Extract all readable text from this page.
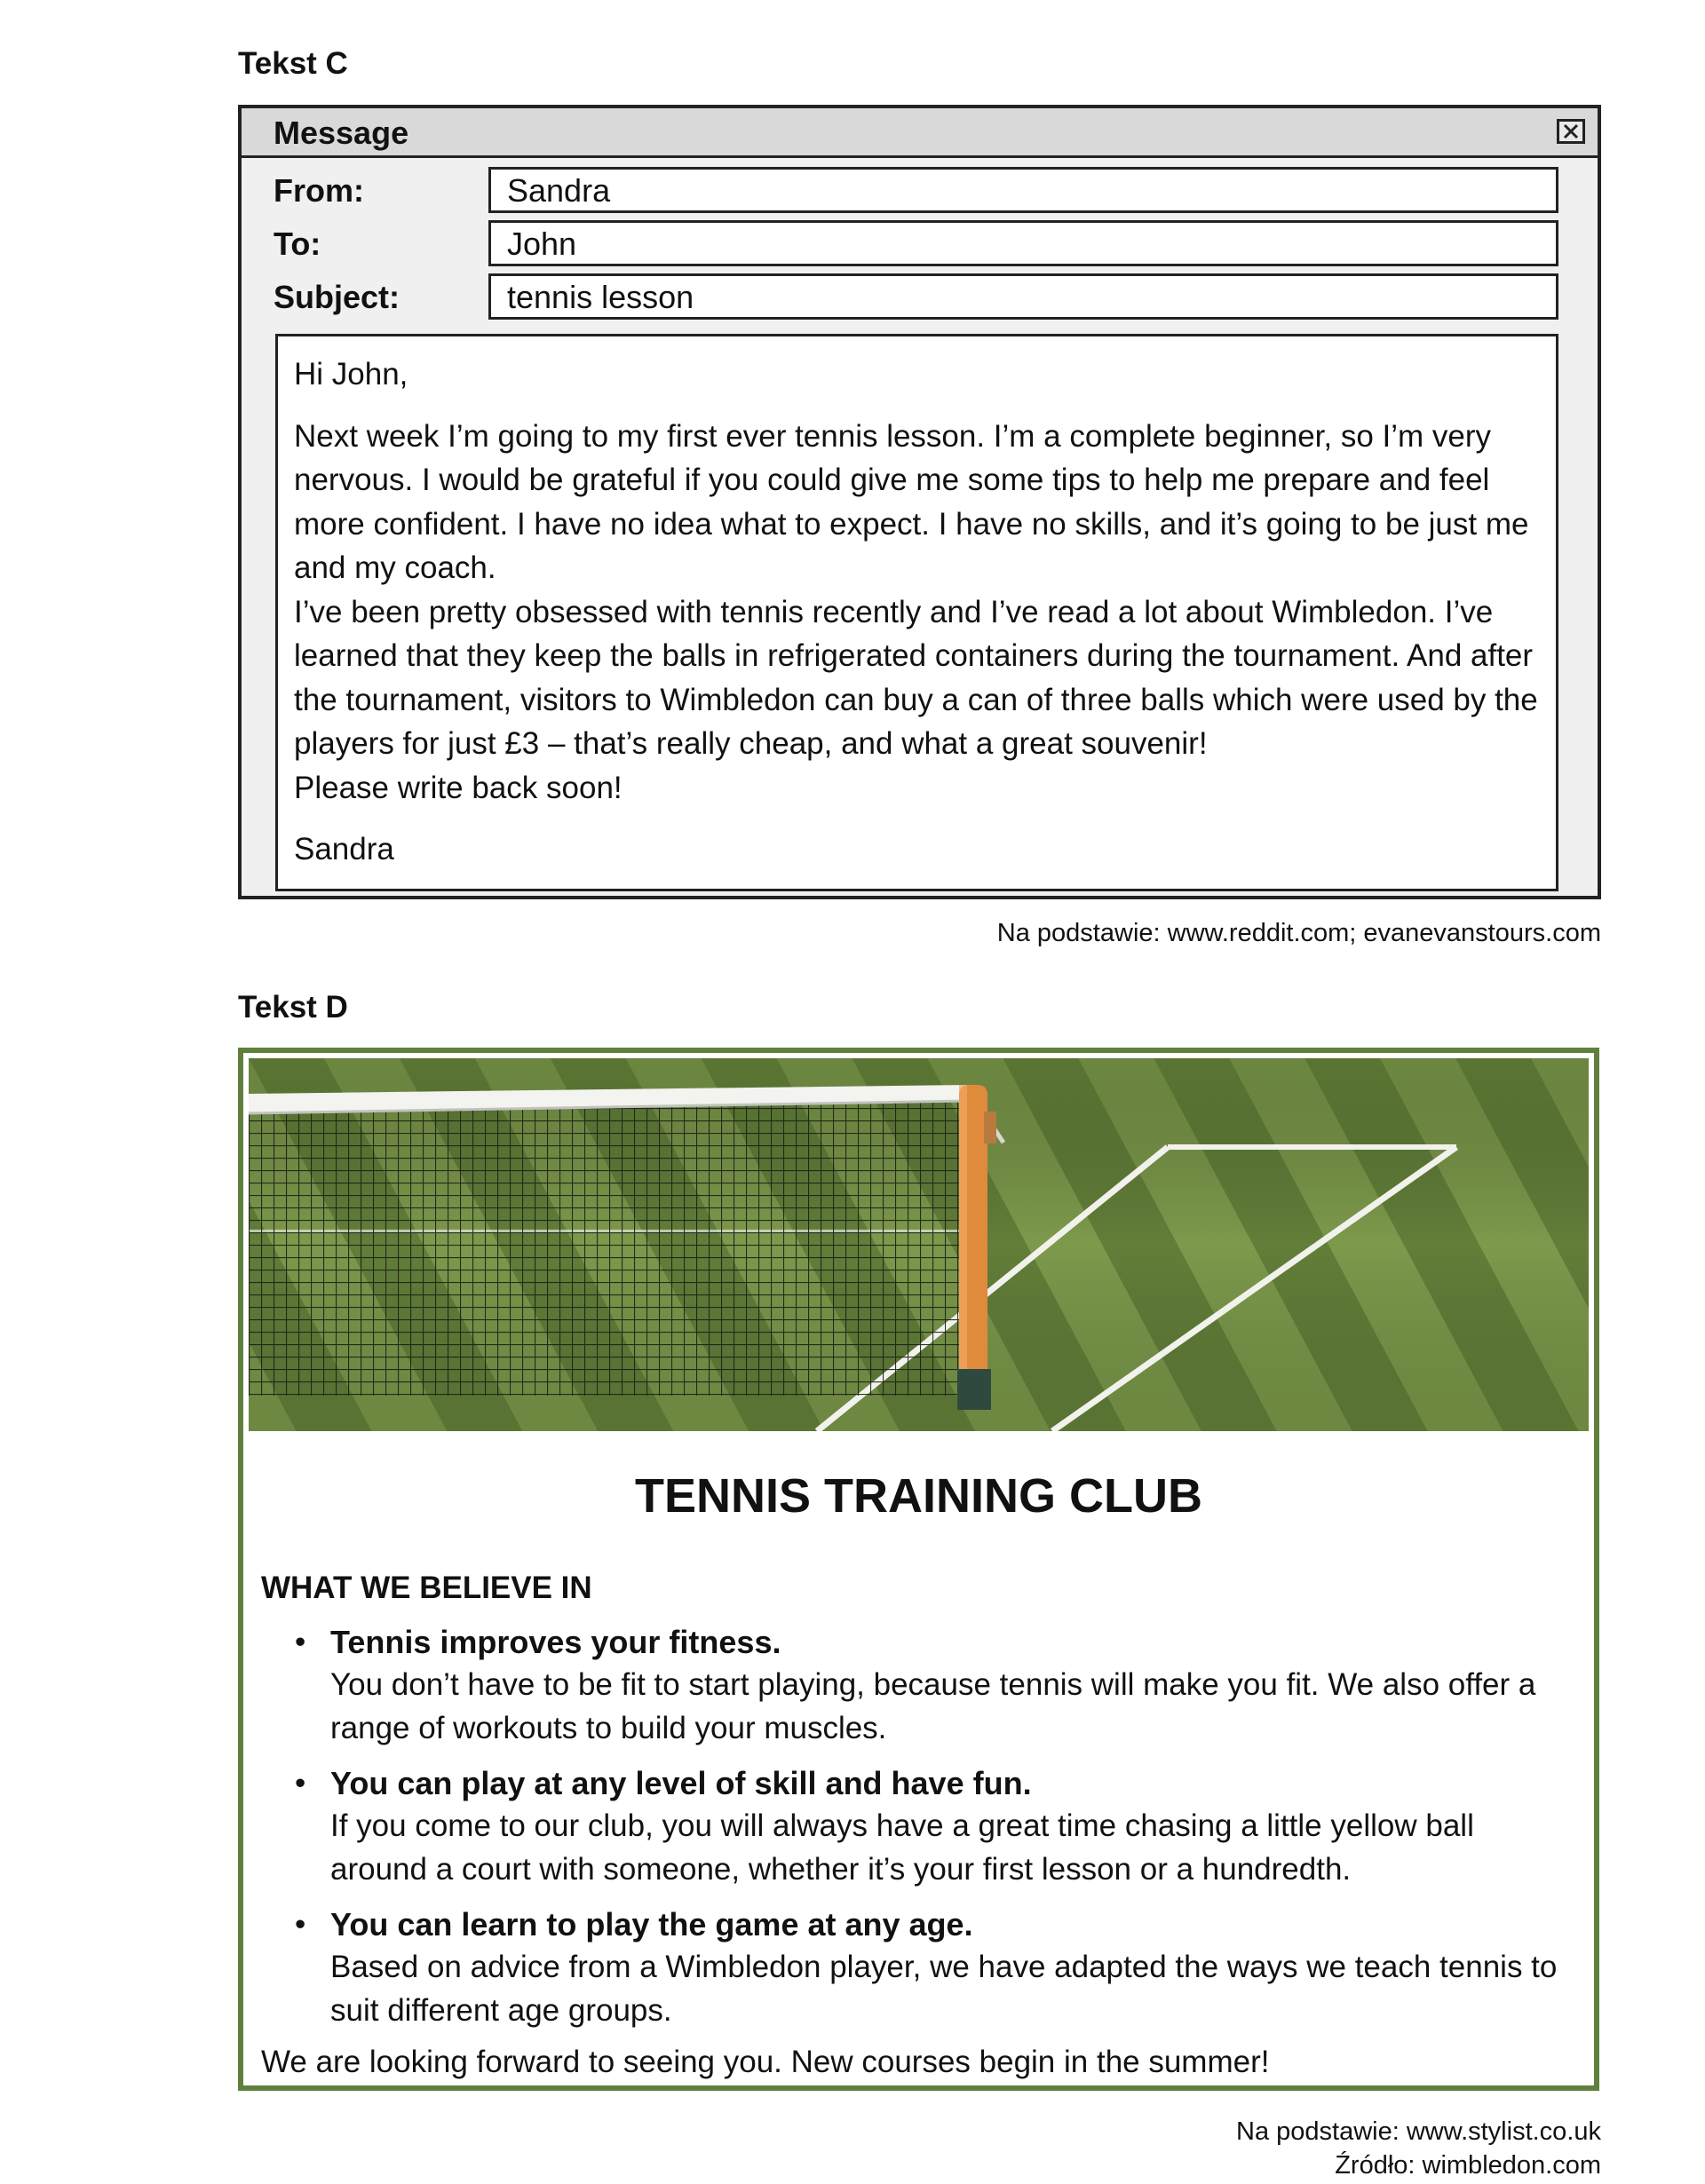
Tekst C
Message
From:	Sandra
To:	John
Subject:	tennis lesson

Hi John,

Next week I’m going to my first ever tennis lesson. I’m a complete beginner, so I’m very nervous. I would be grateful if you could give me some tips to help me prepare and feel more confident. I have no idea what to expect. I have no skills, and it’s going to be just me and my coach.

I’ve been pretty obsessed with tennis recently and I’ve read a lot about Wimbledon. I’ve learned that they keep the balls in refrigerated containers during the tournament. And after the tournament, visitors to Wimbledon can buy a can of three balls which were used by the players for just £3 – that’s really cheap, and what a great souvenir!

Please write back soon!

Sandra

Na podstawie: www.reddit.com; evanevanstours.com
Tekst D
TENNIS TRAINING CLUB
WHAT WE BELIEVE IN
• Tennis improves your fitness.
You don’t have to be fit to start playing, because tennis will make you fit. We also offer a range of workouts to build your muscles.
• You can play at any level of skill and have fun.
If you come to our club, you will always have a great time chasing a little yellow ball around a court with someone, whether it’s your first lesson or a hundredth.
• You can learn to play the game at any age.
Based on advice from a Wimbledon player, we have adapted the ways we teach tennis to suit different age groups.
We are looking forward to seeing you. New courses begin in the summer!
Na podstawie: www.stylist.co.uk
Źródło: wimbledon.com
